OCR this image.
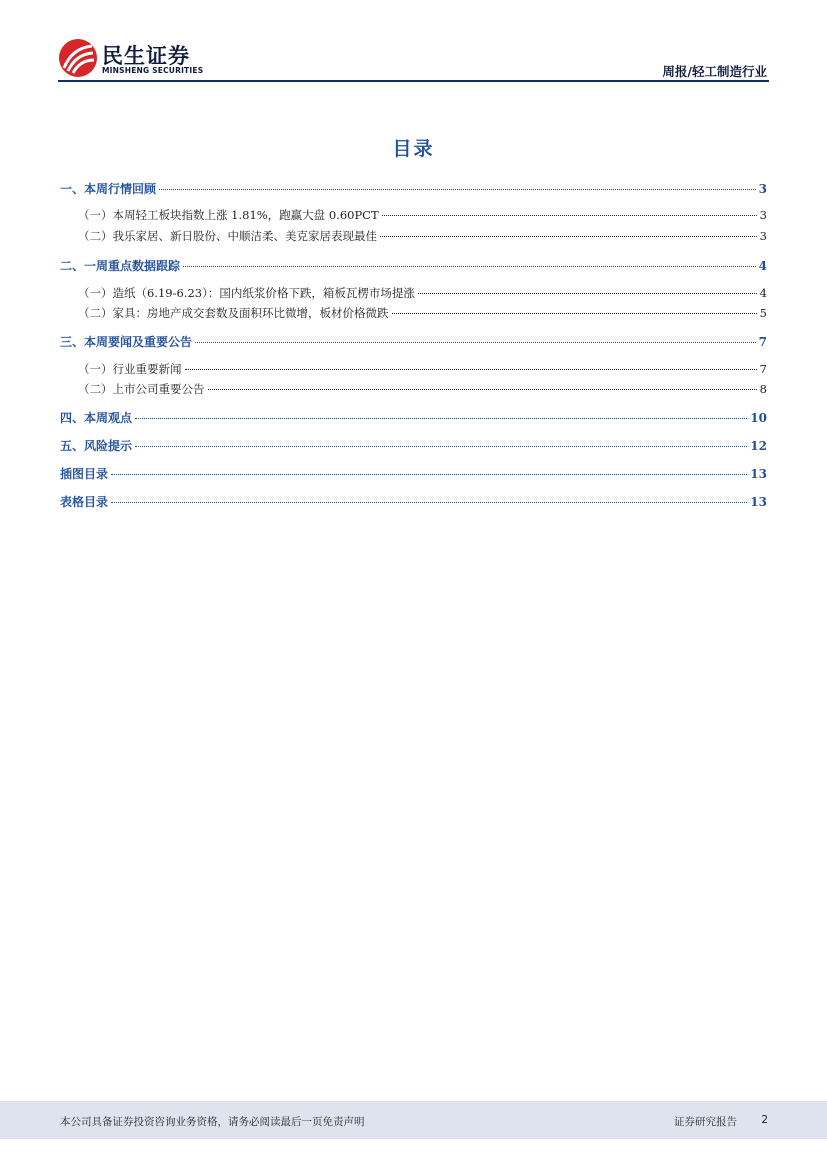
民生证券
MINSHENG SECURITIES	周报/轻工制造行业
目录
一、本周行情回顾	3
（一）本周轻工板块指数上涨 1.81%，跑赢大盘 0.60PCT	3
（二）我乐家居、新日股份、中顺洁柔、美克家居表现最佳	3
二、一周重点数据跟踪	4
（一）造纸（6.19-6.23）：国内纸浆价格下跌，箱板瓦楞市场提涨	4
（二）家具：房地产成交套数及面积环比微增，板材价格微跌	5
三、本周要闻及重要公告	7
（一）行业重要新闻	7
（二）上市公司重要公告	8
四、本周观点	10
五、风险提示	12
插图目录	13
表格目录	13
本公司具备证券投资咨询业务资格，请务必阅读最后一页免责声明	证券研究报告 2
